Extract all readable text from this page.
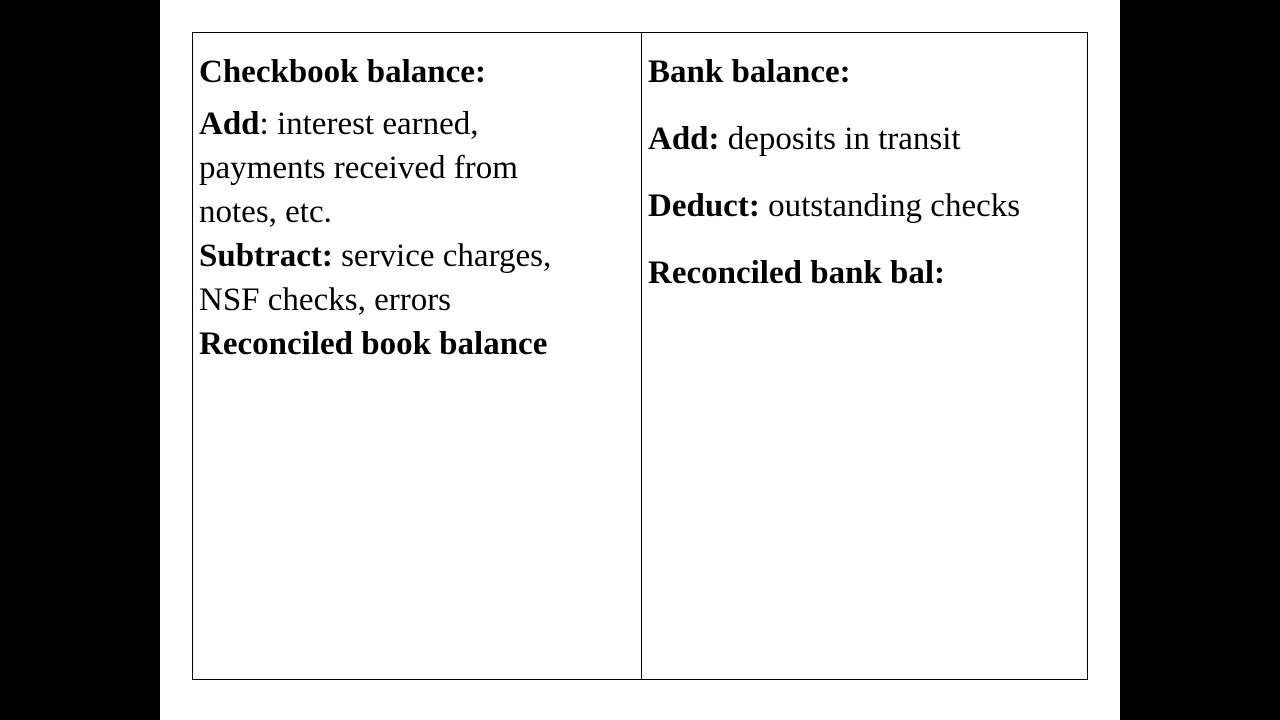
Checkbook balance:
Add: interest earned,
payments received from
notes, etc.
Subtract: service charges,
NSF checks, errors
Reconciled book balance
Bank balance:
Add: deposits in transit
Deduct: outstanding checks
Reconciled bank bal:
